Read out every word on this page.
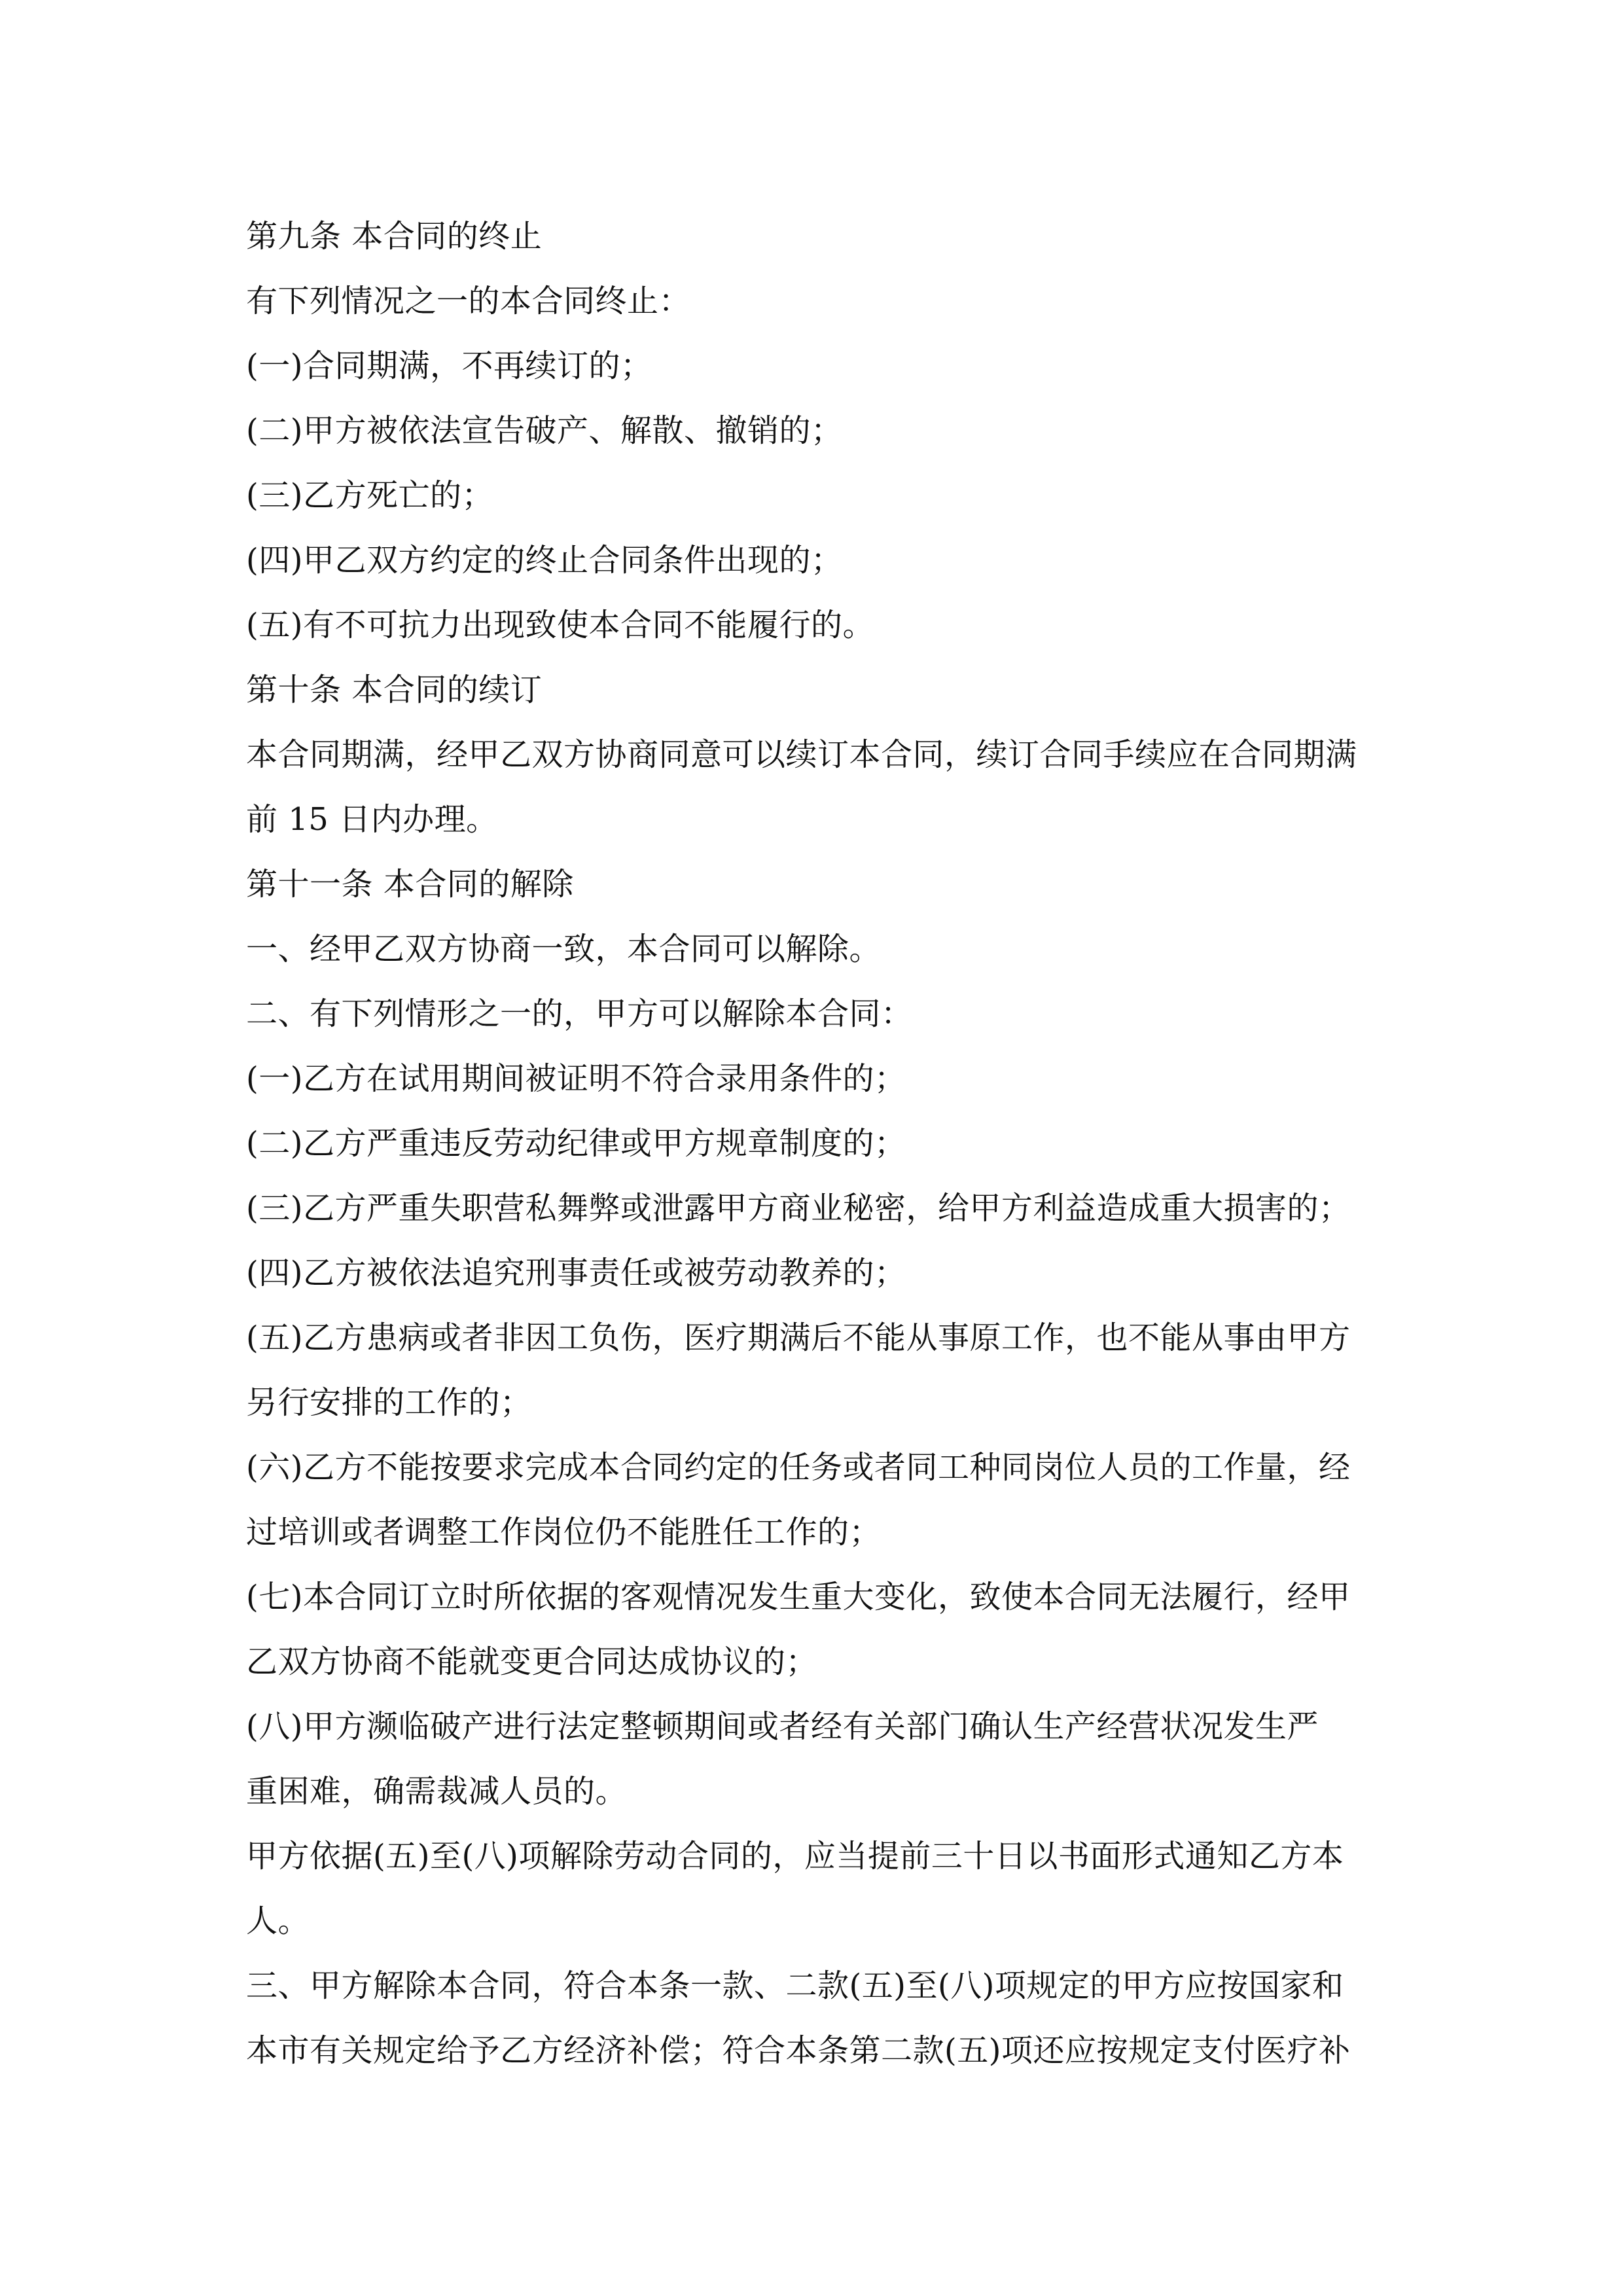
第九条 本合同的终止
有下列情况之一的本合同终止：
(一)合同期满，不再续订的；
(二)甲方被依法宣告破产、解散、撤销的；
(三)乙方死亡的；
(四)甲乙双方约定的终止合同条件出现的；
(五)有不可抗力出现致使本合同不能履行的。
第十条 本合同的续订
本合同期满，经甲乙双方协商同意可以续订本合同，续订合同手续应在合同期满
前 15 日内办理。
第十一条 本合同的解除
一、经甲乙双方协商一致，本合同可以解除。
二、有下列情形之一的，甲方可以解除本合同：
(一)乙方在试用期间被证明不符合录用条件的；
(二)乙方严重违反劳动纪律或甲方规章制度的；
(三)乙方严重失职营私舞弊或泄露甲方商业秘密，给甲方利益造成重大损害的；
(四)乙方被依法追究刑事责任或被劳动教养的；
(五)乙方患病或者非因工负伤，医疗期满后不能从事原工作，也不能从事由甲方
另行安排的工作的；
(六)乙方不能按要求完成本合同约定的任务或者同工种同岗位人员的工作量，经
过培训或者调整工作岗位仍不能胜任工作的；
(七)本合同订立时所依据的客观情况发生重大变化，致使本合同无法履行，经甲
乙双方协商不能就变更合同达成协议的；
(八)甲方濒临破产进行法定整顿期间或者经有关部门确认生产经营状况发生严
重困难，确需裁减人员的。
甲方依据(五)至(八)项解除劳动合同的，应当提前三十日以书面形式通知乙方本
人。
三、甲方解除本合同，符合本条一款、二款(五)至(八)项规定的甲方应按国家和
本市有关规定给予乙方经济补偿；符合本条第二款(五)项还应按规定支付医疗补
